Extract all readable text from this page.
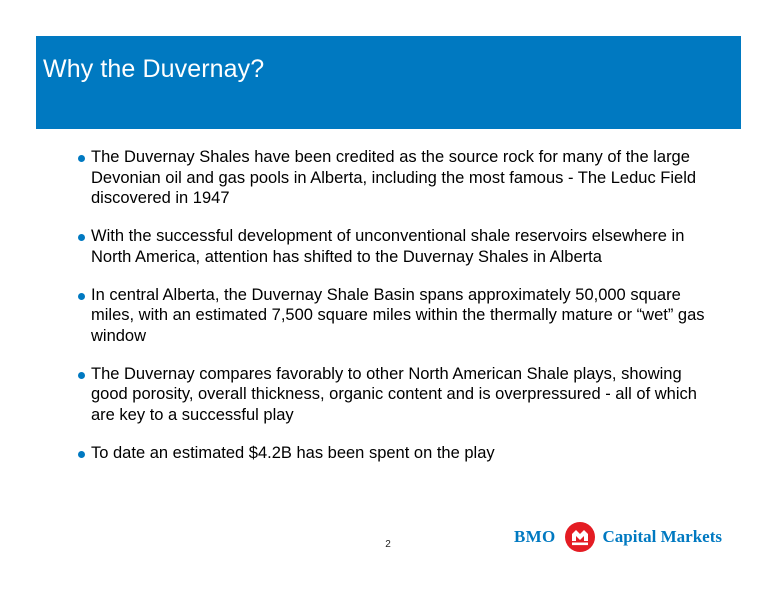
Why the Duvernay?
The Duvernay Shales have been credited as the source rock for many of the large Devonian oil and gas pools in Alberta, including the most famous - The Leduc Field discovered in 1947
With the successful development of unconventional shale reservoirs elsewhere in North America, attention has shifted to the Duvernay Shales in Alberta
In central Alberta, the Duvernay Shale Basin spans approximately 50,000 square miles, with an estimated 7,500 square miles within the thermally mature or “wet” gas window
The Duvernay compares favorably to other North American Shale plays, showing good porosity, overall thickness, organic content and is overpressured - all of which are key to a successful play
To date an estimated $4.2B has been spent on the play
2	BMO	Capital Markets
